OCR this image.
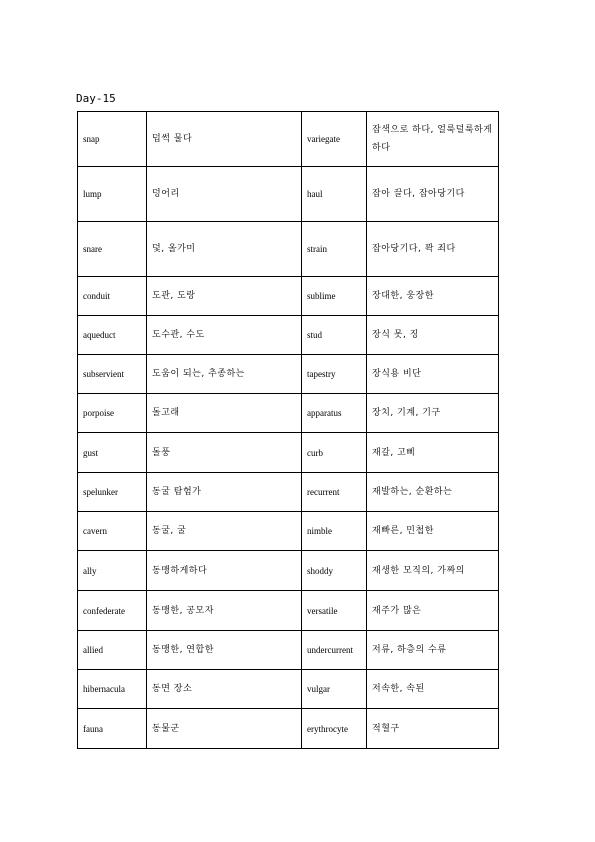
Day-15
snap	덥썩 물다	variegate	잡색으로 하다, 얼룩덜룩하게 하다
lump	덩어리	haul	잡아 끌다, 잡아당기다
snare	덫, 올가미	strain	잡아당기다, 꽉 죄다
conduit	도관, 도랑	sublime	장대한, 웅장한
aqueduct	도수관, 수도	stud	장식 못, 징
subservient	도움이 되는, 추종하는	tapestry	장식용 비단
porpoise	돌고래	apparatus	장치, 기계, 기구
gust	돌풍	curb	재갈, 고삐
spelunker	동굴 탐험가	recurrent	재발하는, 순환하는
cavern	동굴, 굴	nimble	재빠른, 민첩한
ally	동맹하게하다	shoddy	재생한 모직의, 가짜의
confederate	동맹한, 공모자	versatile	재주가 많은
allied	동맹한, 연합한	undercurrent	저류, 하층의 수류
hibernacula	동면 장소	vulgar	저속한, 속된
fauna	동물군	erythrocyte	적혈구
